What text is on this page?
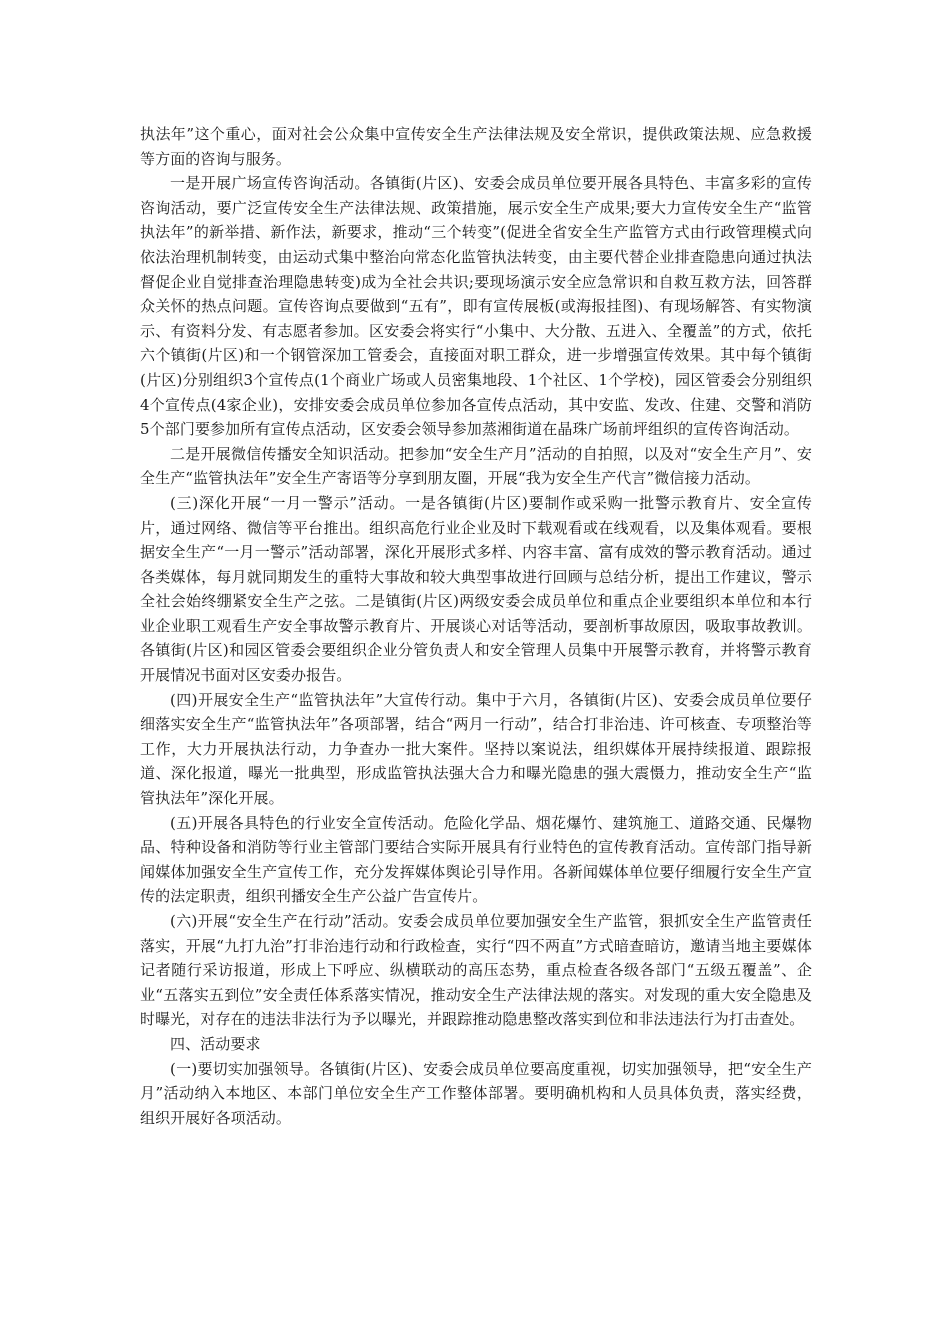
执法年”这个重心，面对社会公众集中宣传安全生产法律法规及安全常识，提供政策法规、应急救援等方面的咨询与服务。

一是开展广场宣传咨询活动。各镇街(片区)、安委会成员单位要开展各具特色、丰富多彩的宣传咨询活动，要广泛宣传安全生产法律法规、政策措施，展示安全生产成果;要大力宣传安全生产“监管执法年”的新举措、新作法，新要求，推动“三个转变”(促进全省安全生产监管方式由行政管理模式向依法治理机制转变，由运动式集中整治向常态化监管执法转变，由主要代替企业排查隐患向通过执法督促企业自觉排查治理隐患转变)成为全社会共识;要现场演示安全应急常识和自救互救方法，回答群众关怀的热点问题。宣传咨询点要做到“五有”，即有宣传展板(或海报挂图)、有现场解答、有实物演示、有资料分发、有志愿者参加。区安委会将实行“小集中、大分散、五进入、全覆盖”的方式，依托六个镇街(片区)和一个钢管深加工管委会，直接面对职工群众，进一步增强宣传效果。其中每个镇街(片区)分别组织3个宣传点(1个商业广场或人员密集地段、1个社区、1个学校)，园区管委会分别组织4个宣传点(4家企业)，安排安委会成员单位参加各宣传点活动，其中安监、发改、住建、交警和消防5个部门要参加所有宣传点活动，区安委会领导参加蒸湘街道在晶珠广场前坪组织的宣传咨询活动。

二是开展微信传播安全知识活动。把参加“安全生产月”活动的自拍照，以及对“安全生产月”、安全生产“监管执法年”安全生产寄语等分享到朋友圈，开展“我为安全生产代言”微信接力活动。

(三)深化开展“一月一警示”活动。一是各镇街(片区)要制作或采购一批警示教育片、安全宣传片，通过网络、微信等平台推出。组织高危行业企业及时下载观看或在线观看，以及集体观看。要根据安全生产“一月一警示”活动部署，深化开展形式多样、内容丰富、富有成效的警示教育活动。通过各类媒体，每月就同期发生的重特大事故和较大典型事故进行回顾与总结分析，提出工作建议，警示全社会始终绷紧安全生产之弦。二是镇街(片区)两级安委会成员单位和重点企业要组织本单位和本行业企业职工观看生产安全事故警示教育片、开展谈心对话等活动，要剖析事故原因，吸取事故教训。各镇街(片区)和园区管委会要组织企业分管负责人和安全管理人员集中开展警示教育，并将警示教育开展情况书面对区安委办报告。

(四)开展安全生产“监管执法年”大宣传行动。集中于六月，各镇街(片区)、安委会成员单位要仔细落实安全生产“监管执法年”各项部署，结合“两月一行动”，结合打非治违、许可核查、专项整治等工作，大力开展执法行动，力争查办一批大案件。坚持以案说法，组织媒体开展持续报道、跟踪报道、深化报道，曝光一批典型，形成监管执法强大合力和曝光隐患的强大震慑力，推动安全生产“监管执法年”深化开展。

(五)开展各具特色的行业安全宣传活动。危险化学品、烟花爆竹、建筑施工、道路交通、民爆物品、特种设备和消防等行业主管部门要结合实际开展具有行业特色的宣传教育活动。宣传部门指导新闻媒体加强安全生产宣传工作，充分发挥媒体舆论引导作用。各新闻媒体单位要仔细履行安全生产宣传的法定职责，组织刊播安全生产公益广告宣传片。

(六)开展“安全生产在行动”活动。安委会成员单位要加强安全生产监管，狠抓安全生产监管责任落实，开展“九打九治”打非治违行动和行政检查，实行“四不两直”方式暗查暗访，邀请当地主要媒体记者随行采访报道，形成上下呼应、纵横联动的高压态势，重点检查各级各部门“五级五覆盖”、企业“五落实五到位”安全责任体系落实情况，推动安全生产法律法规的落实。对发现的重大安全隐患及时曝光，对存在的违法非法行为予以曝光，并跟踪推动隐患整改落实到位和非法违法行为打击查处。

四、活动要求

(一)要切实加强领导。各镇街(片区)、安委会成员单位要高度重视，切实加强领导，把“安全生产月”活动纳入本地区、本部门单位安全生产工作整体部署。要明确机构和人员具体负责，落实经费，组织开展好各项活动。
